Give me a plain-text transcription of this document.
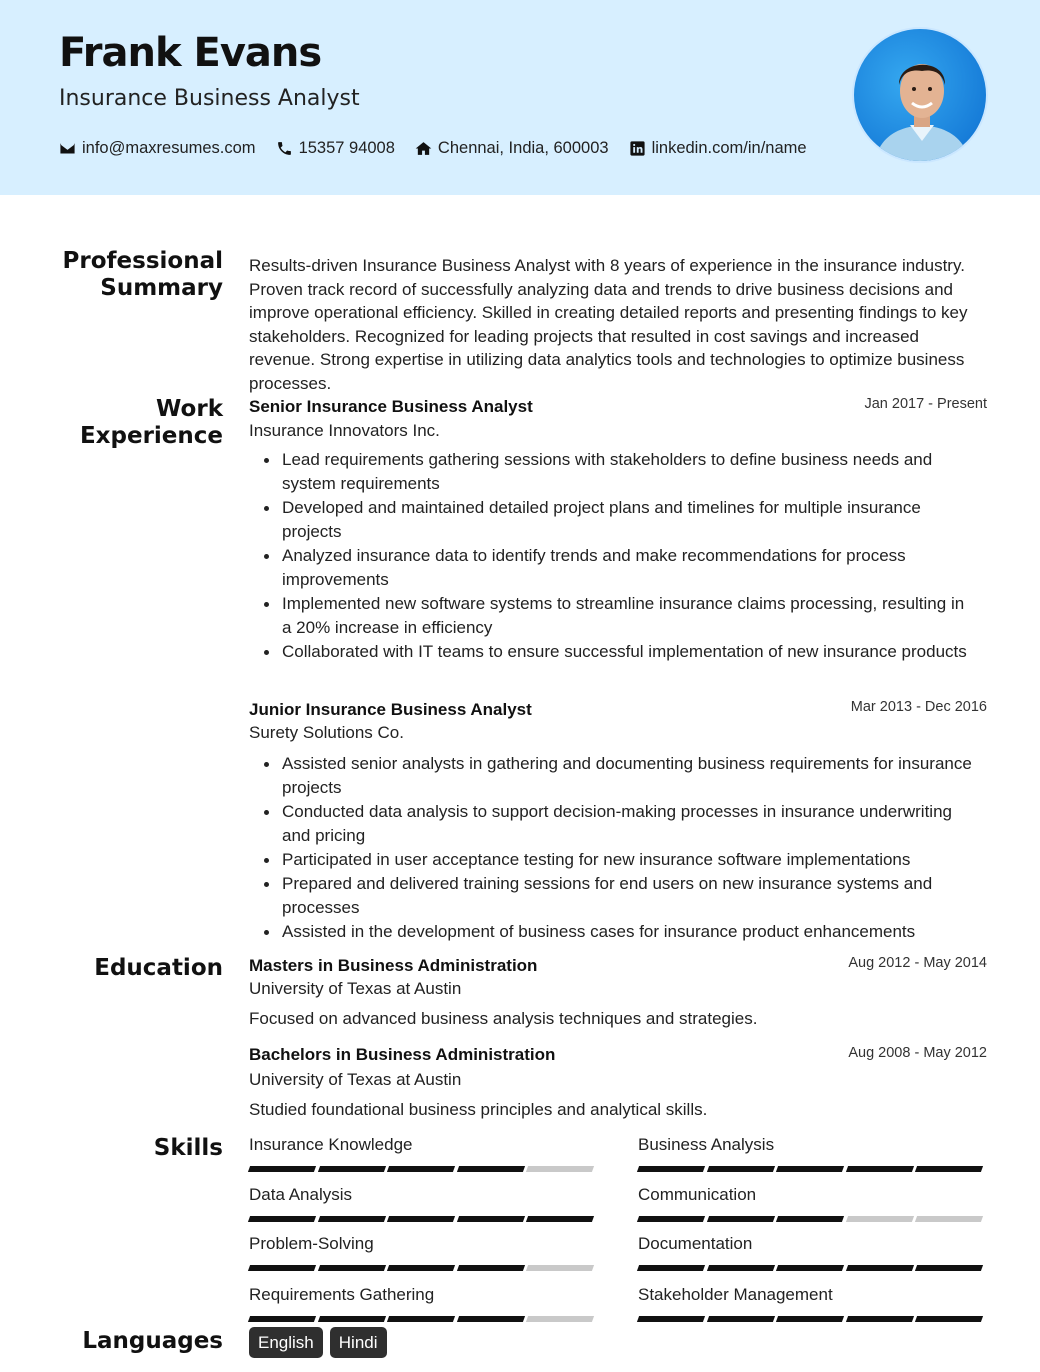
Frank Evans
Insurance Business Analyst
info@maxresumes.com	15357 94008	Chennai, India, 600003	linkedin.com/in/name
Professional
Summary
Results-driven Insurance Business Analyst with 8 years of experience in the insurance industry. Proven track record of successfully analyzing data and trends to drive business decisions and improve operational efficiency. Skilled in creating detailed reports and presenting findings to key stakeholders. Recognized for leading projects that resulted in cost savings and increased revenue. Strong expertise in utilizing data analytics tools and technologies to optimize business processes.
Work
Experience
Senior Insurance Business Analyst	Jan 2017 - Present
Insurance Innovators Inc.
Lead requirements gathering sessions with stakeholders to define business needs and system requirements
Developed and maintained detailed project plans and timelines for multiple insurance projects
Analyzed insurance data to identify trends and make recommendations for process improvements
Implemented new software systems to streamline insurance claims processing, resulting in a 20% increase in efficiency
Collaborated with IT teams to ensure successful implementation of new insurance products
Junior Insurance Business Analyst	Mar 2013 - Dec 2016
Surety Solutions Co.
Assisted senior analysts in gathering and documenting business requirements for insurance projects
Conducted data analysis to support decision-making processes in insurance underwriting and pricing
Participated in user acceptance testing for new insurance software implementations
Prepared and delivered training sessions for end users on new insurance systems and processes
Assisted in the development of business cases for insurance product enhancements
Education Masters in Business Administration	Aug 2012 - May 2014
University of Texas at Austin
Focused on advanced business analysis techniques and strategies.
Bachelors in Business Administration	Aug 2008 - May 2012
University of Texas at Austin
Studied foundational business principles and analytical skills.
Skills Insurance Knowledge	Business Analysis
Data Analysis	Communication
Problem-Solving	Documentation
Requirements Gathering	Stakeholder Management
Languages	English	Hindi
